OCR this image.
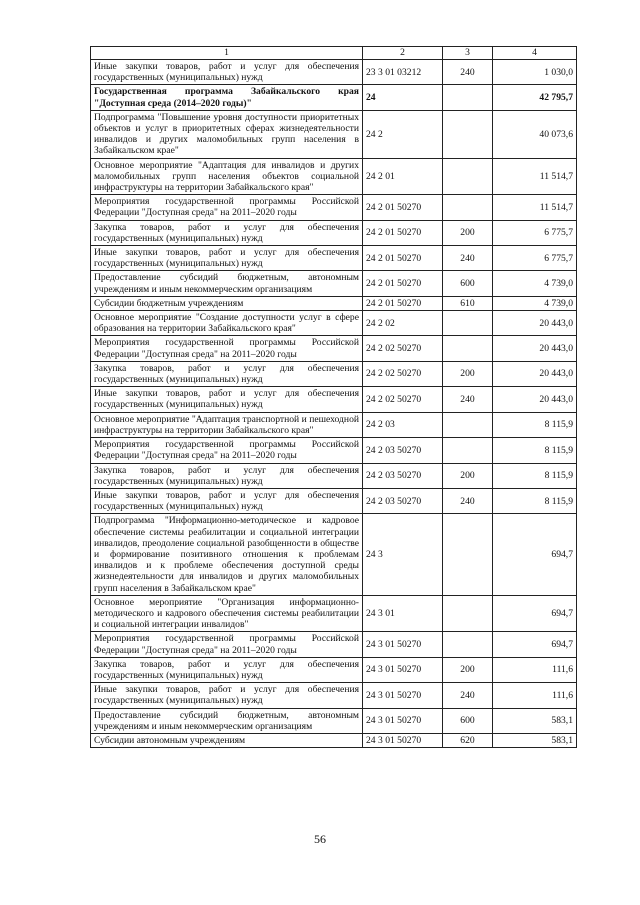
1	2	3	4
Иные закупки товаров, работ и услуг для обеспечения государственных (муниципальных) нужд	23 3 01 03212	240	1 030,0
Государственная программа Забайкальского края "Доступная среда (2014–2020 годы)"	24		42 795,7
Подпрограмма "Повышение уровня доступности приоритетных объектов и услуг в приоритетных сферах жизнедеятельности инвалидов и других маломобильных групп населения в Забайкальском крае"	24 2		40 073,6
Основное мероприятие "Адаптация для инвалидов и других маломобильных групп населения объектов социальной инфраструктуры на территории Забайкальского края"	24 2 01		11 514,7
Мероприятия государственной программы Российской Федерации "Доступная среда" на 2011–2020 годы	24 2 01 50270		11 514,7
Закупка товаров, работ и услуг для обеспечения государственных (муниципальных) нужд	24 2 01 50270	200	6 775,7
Иные закупки товаров, работ и услуг для обеспечения государственных (муниципальных) нужд	24 2 01 50270	240	6 775,7
Предоставление субсидий бюджетным, автономным учреждениям и иным некоммерческим организациям	24 2 01 50270	600	4 739,0
Субсидии бюджетным учреждениям	24 2 01 50270	610	4 739,0
Основное мероприятие "Создание доступности услуг в сфере образования на территории Забайкальского края"	24 2 02		20 443,0
Мероприятия государственной программы Российской Федерации "Доступная среда" на 2011–2020 годы	24 2 02 50270		20 443,0
Закупка товаров, работ и услуг для обеспечения государственных (муниципальных) нужд	24 2 02 50270	200	20 443,0
Иные закупки товаров, работ и услуг для обеспечения государственных (муниципальных) нужд	24 2 02 50270	240	20 443,0
Основное мероприятие "Адаптация транспортной и пешеходной инфраструктуры на территории Забайкальского края"	24 2 03		8 115,9
Мероприятия государственной программы Российской Федерации "Доступная среда" на 2011–2020 годы	24 2 03 50270		8 115,9
Закупка товаров, работ и услуг для обеспечения государственных (муниципальных) нужд	24 2 03 50270	200	8 115,9
Иные закупки товаров, работ и услуг для обеспечения государственных (муниципальных) нужд	24 2 03 50270	240	8 115,9
Подпрограмма "Информационно-методическое и кадровое обеспечение системы реабилитации и социальной интеграции инвалидов, преодоление социальной разобщенности в обществе и формирование позитивного отношения к проблемам инвалидов и к проблеме обеспечения доступной среды жизнедеятельности для инвалидов и других маломобильных групп населения в Забайкальском крае"	24 3		694,7
Основное мероприятие "Организация информационно-методического и кадрового обеспечения системы реабилитации и социальной интеграции инвалидов"	24 3 01		694,7
Мероприятия государственной программы Российской Федерации "Доступная среда" на 2011–2020 годы	24 3 01 50270		694,7
Закупка товаров, работ и услуг для обеспечения государственных (муниципальных) нужд	24 3 01 50270	200	111,6
Иные закупки товаров, работ и услуг для обеспечения государственных (муниципальных) нужд	24 3 01 50270	240	111,6
Предоставление субсидий бюджетным, автономным учреждениям и иным некоммерческим организациям	24 3 01 50270	600	583,1
Субсидии автономным учреждениям	24 3 01 50270	620	583,1
56
